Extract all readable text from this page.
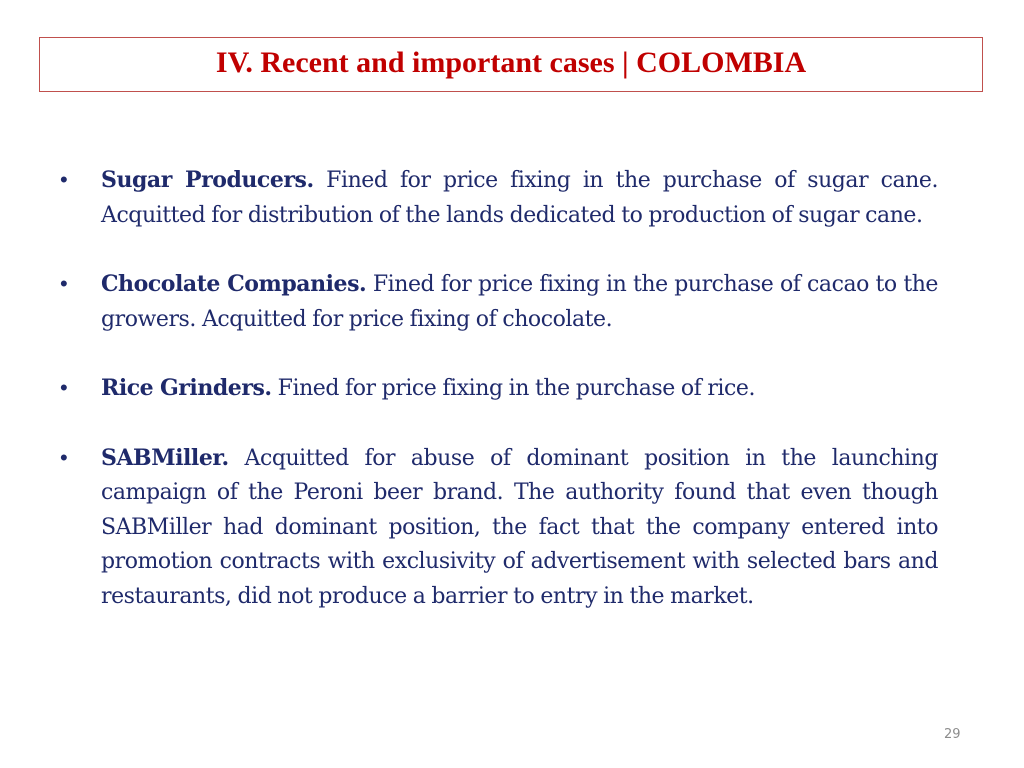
IV. Recent and important cases | COLOMBIA
• Sugar Producers. Fined for price fixing in the purchase of sugar cane. Acquitted for distribution of the lands dedicated to production of sugar cane.
• Chocolate Companies. Fined for price fixing in the purchase of cacao to the growers. Acquitted for price fixing of chocolate.
• Rice Grinders. Fined for price fixing in the purchase of rice.
• SABMiller. Acquitted for abuse of dominant position in the launching campaign of the Peroni beer brand. The authority found that even though SABMiller had dominant position, the fact that the company entered into promotion contracts with exclusivity of advertisement with selected bars and restaurants, did not produce a barrier to entry in the market.
29
